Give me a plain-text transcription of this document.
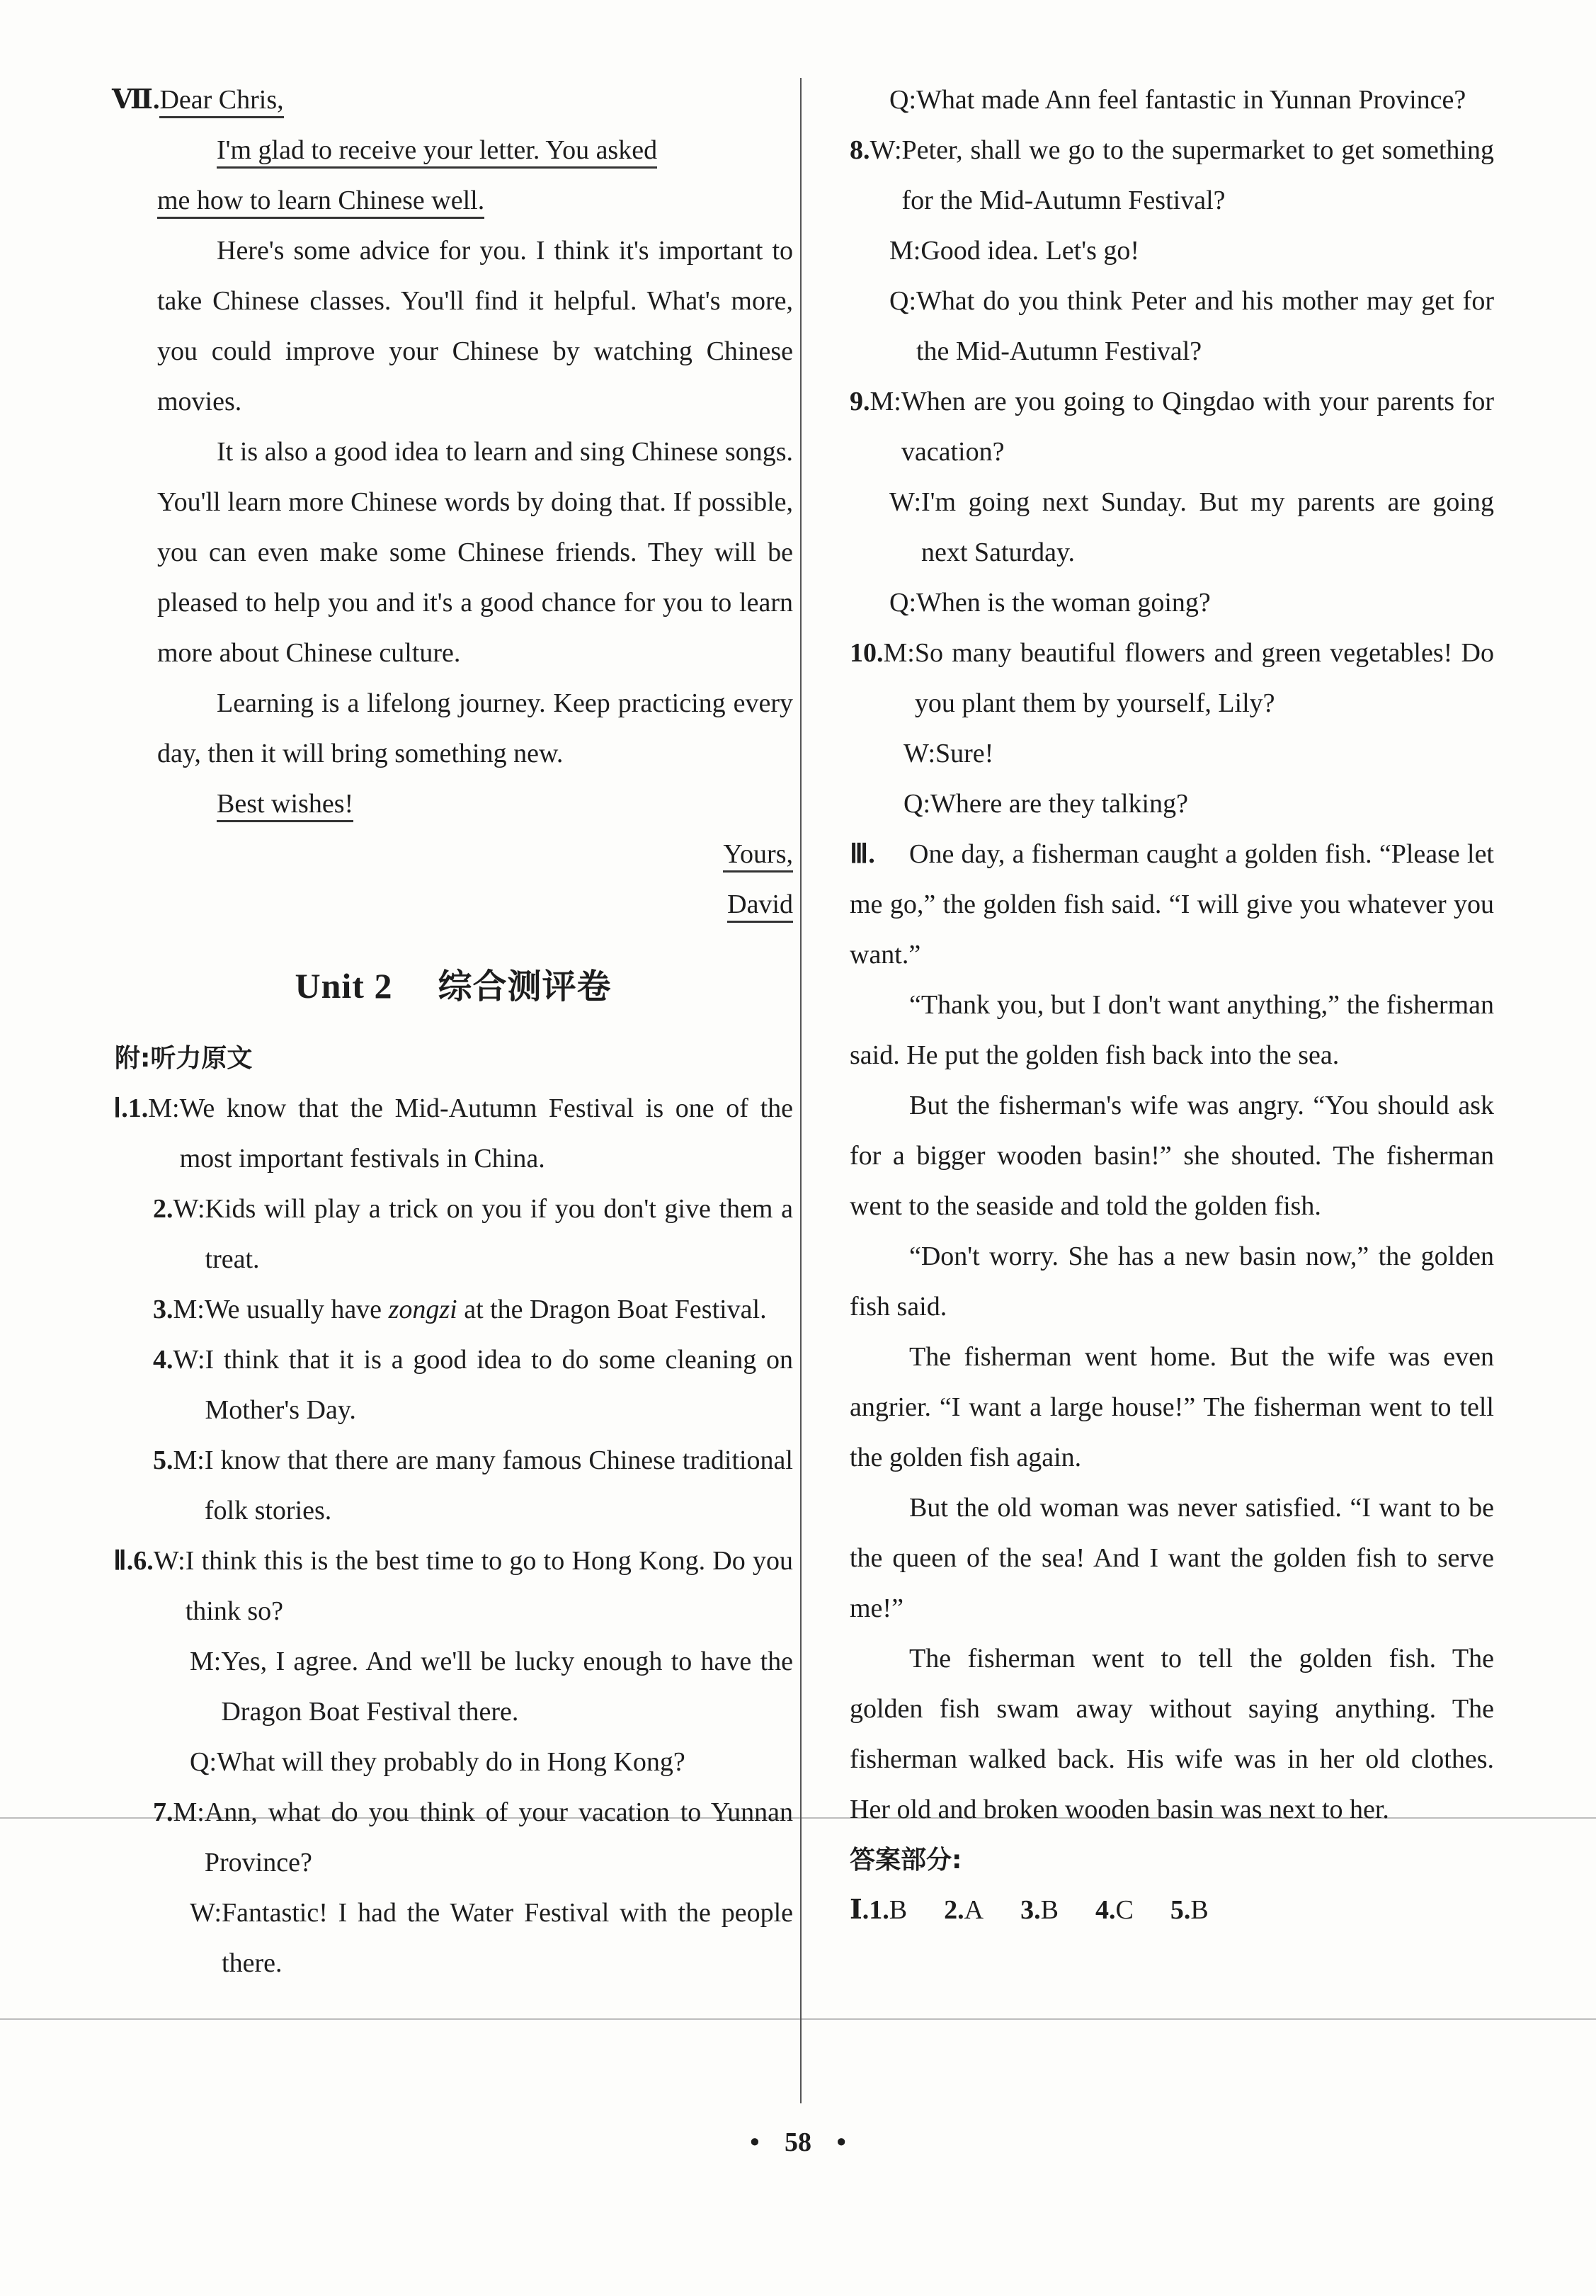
Ⅶ.Dear Chris,

I'm glad to receive your letter. You asked

me how to learn Chinese well.

Here's some advice for you. I think it's important to take Chinese classes. You'll find it helpful. What's more, you could improve your Chinese by watching Chinese movies.

It is also a good idea to learn and sing Chinese songs. You'll learn more Chinese words by doing that. If possible, you can even make some Chinese friends. They will be pleased to help you and it's a good chance for you to learn more about Chinese culture.

Learning is a lifelong journey. Keep practicing every day, then it will bring something new.

Best wishes!

Yours,

David

Unit 2 综合测评卷

附:听力原文

Ⅰ. 1. M: We know that the Mid-Autumn Festival is one of the most important festivals in China.
2. W: Kids will play a trick on you if you don't give them a treat.
3. M: We usually have zongzi at the Dragon Boat Festival.
4. W: I think that it is a good idea to do some cleaning on Mother's Day.
5. M: I know that there are many famous Chinese traditional folk stories.
Ⅱ. 6. W: I think this is the best time to go to Hong Kong. Do you think so?
M: Yes, I agree. And we'll be lucky enough to have the Dragon Boat Festival there.
Q: What will they probably do in Hong Kong?
7. M: Ann, what do you think of your vacation to Yunnan Province?
W: Fantastic! I had the Water Festival with the people there.
Q: What made Ann feel fantastic in Yunnan Province?
8. W: Peter, shall we go to the supermarket to get something for the Mid-Autumn Festival?
M: Good idea. Let's go!
Q: What do you think Peter and his mother may get for the Mid-Autumn Festival?
9. M: When are you going to Qingdao with your parents for vacation?
W: I'm going next Sunday. But my parents are going next Saturday.
Q: When is the woman going?
10. M: So many beautiful flowers and green vegetables! Do you plant them by yourself, Lily?
W: Sure!
Q: Where are they talking?
Ⅲ.	One day, a fisherman caught a golden fish. “Please let me go,” the golden fish said. “I will give you whatever you want.”

“Thank you, but I don't want anything,” the fisherman said. He put the golden fish back into the sea.

But the fisherman's wife was angry. “You should ask for a bigger wooden basin!” she shouted. The fisherman went to the seaside and told the golden fish.

“Don't worry. She has a new basin now,” the golden fish said.

The fisherman went home. But the wife was even angrier. “I want a large house!” The fisherman went to tell the golden fish again.

But the old woman was never satisfied. “I want to be the queen of the sea! And I want the golden fish to serve me!”

The fisherman went to tell the golden fish. The golden fish swam away without saying anything. The fisherman walked back. His wife was in her old clothes. Her old and broken wooden basin was next to her.

答案部分:

Ⅰ.1.B 2.A 3.B 4.C 5.B

• 58 •
